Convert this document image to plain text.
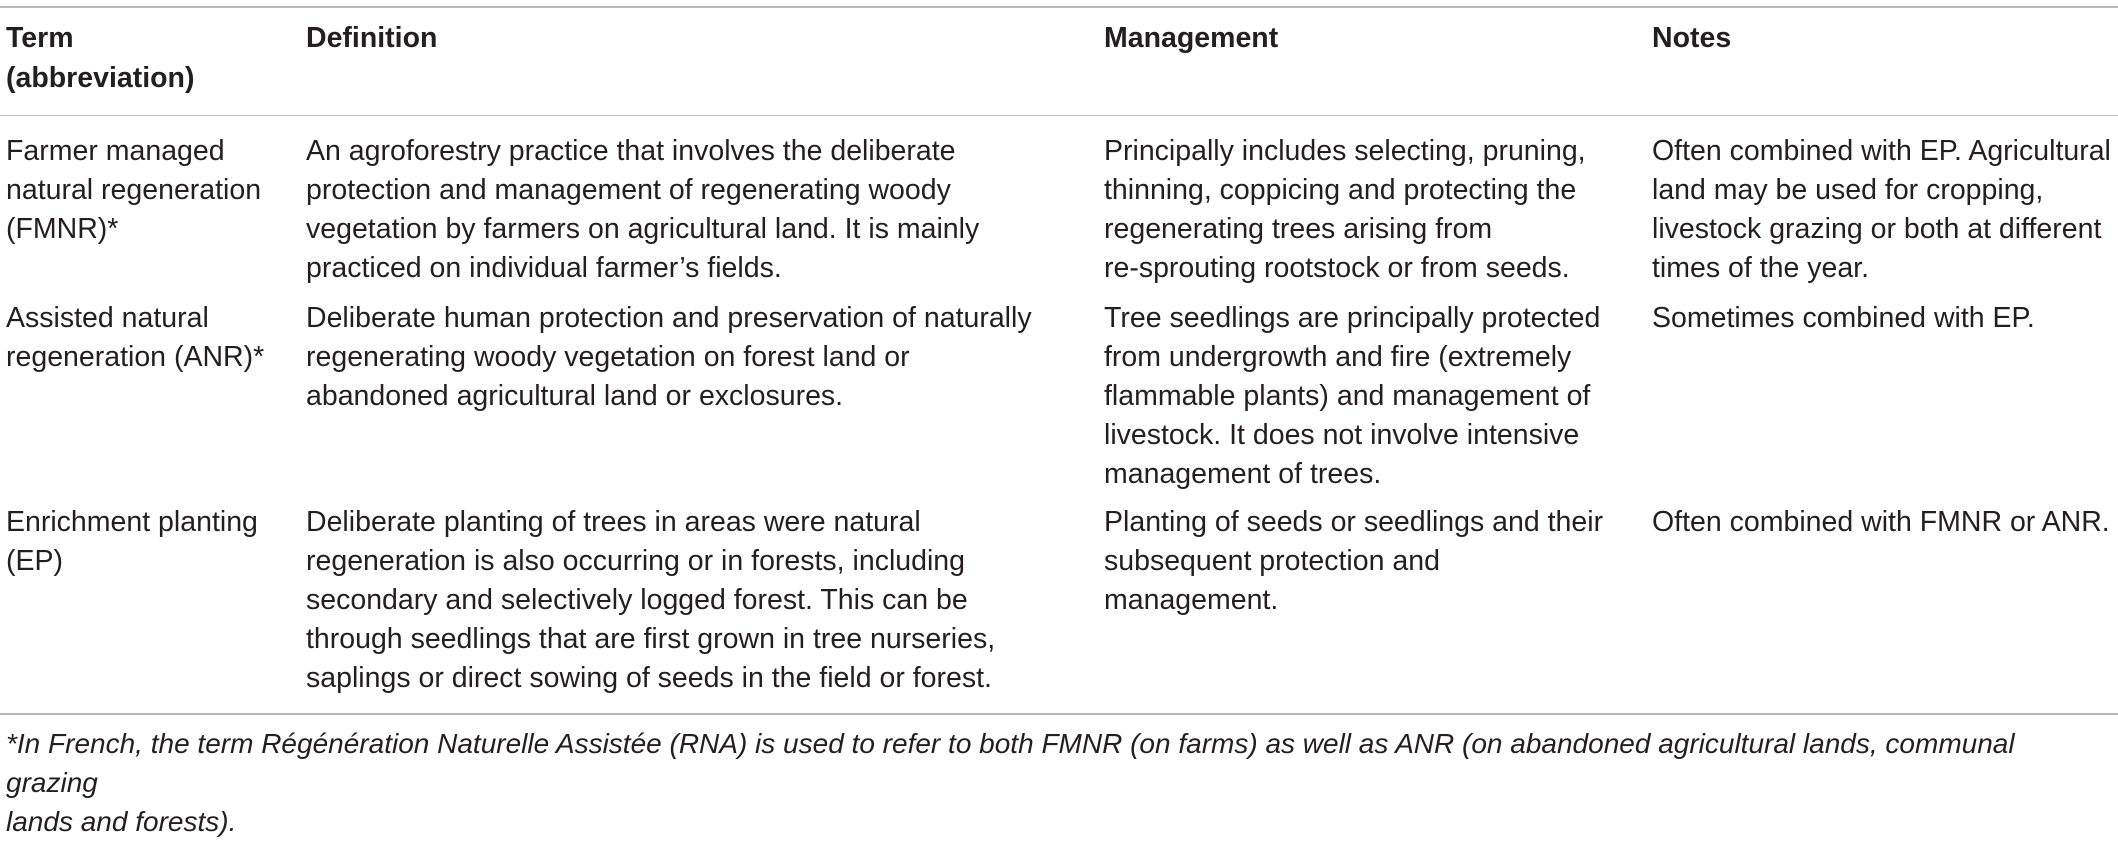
Term
(abbreviation)
Definition	Management	Notes
Farmer managed
natural regeneration
(FMNR)*
An agroforestry practice that involves the deliberate
protection and management of regenerating woody
vegetation by farmers on agricultural land. It is mainly
practiced on individual farmer’s fields.
Principally includes selecting, pruning,
thinning, coppicing and protecting the
regenerating trees arising from
re-sprouting rootstock or from seeds.
Often combined with EP. Agricultural
land may be used for cropping,
livestock grazing or both at different
times of the year.
Assisted natural
regeneration (ANR)*
Deliberate human protection and preservation of naturally
regenerating woody vegetation on forest land or
abandoned agricultural land or exclosures.
Tree seedlings are principally protected
from undergrowth and fire (extremely
flammable plants) and management of
livestock. It does not involve intensive
management of trees.
Sometimes combined with EP.
Enrichment planting
(EP)
Deliberate planting of trees in areas were natural
regeneration is also occurring or in forests, including
secondary and selectively logged forest. This can be
through seedlings that are first grown in tree nurseries,
saplings or direct sowing of seeds in the field or forest.
Planting of seeds or seedlings and their
subsequent protection and
management.
Often combined with FMNR or ANR.
*In French, the term Régénération Naturelle Assistée (RNA) is used to refer to both FMNR (on farms) as well as ANR (on abandoned agricultural lands, communal grazing
lands and forests).
